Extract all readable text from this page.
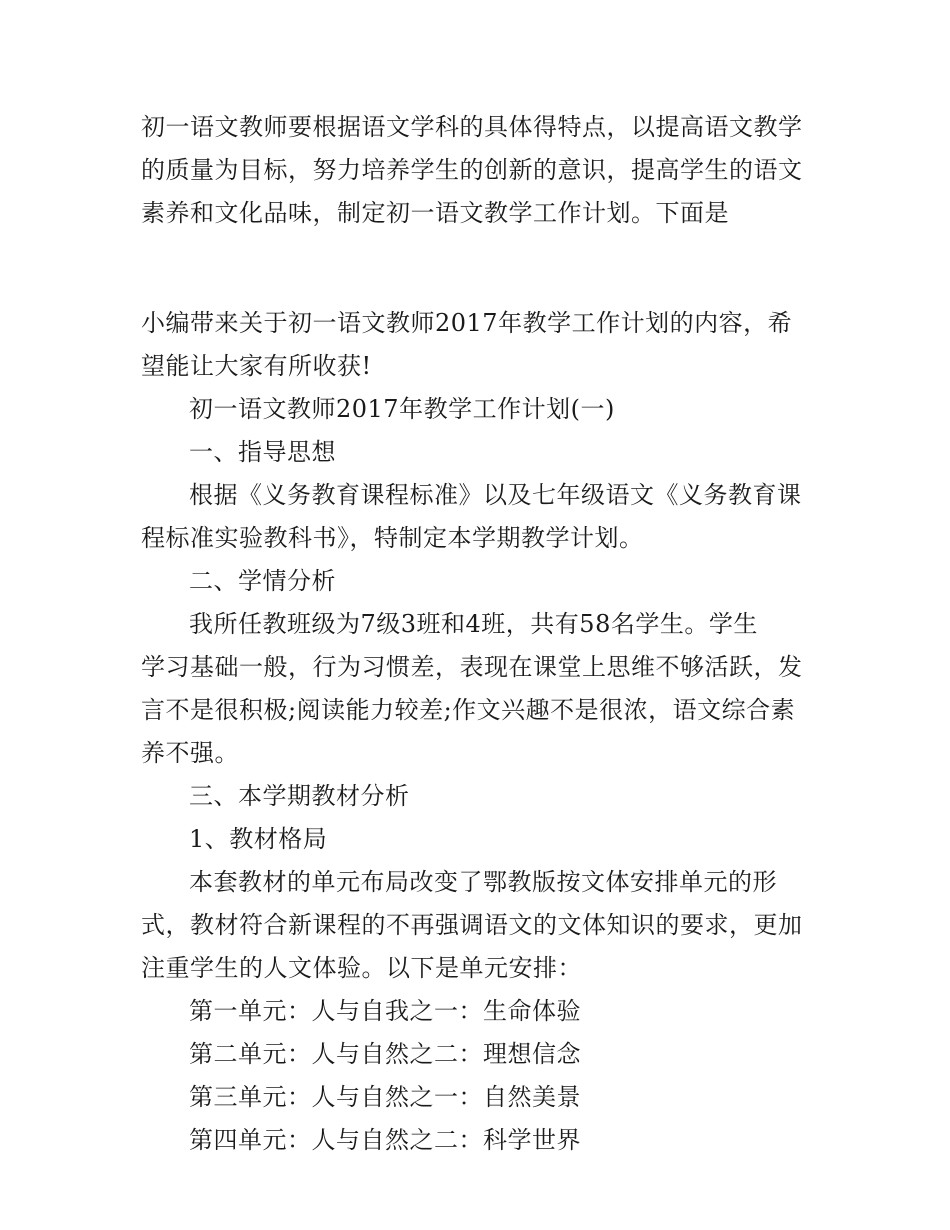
初一语文教师要根据语文学科的具体得特点，以提高语文教学
的质量为目标，努力培养学生的创新的意识，提高学生的语文
素养和文化品味，制定初一语文教学工作计划。下面是
小编带来关于初一语文教师2017年教学工作计划的内容，希
望能让大家有所收获!
初一语文教师2017年教学工作计划(一)
一、指导思想
根据《义务教育课程标准》以及七年级语文《义务教育课
程标准实验教科书》，特制定本学期教学计划。
二、学情分析
我所任教班级为7级3班和4班，共有58名学生。学生
学习基础一般，行为习惯差，表现在课堂上思维不够活跃，发
言不是很积极;阅读能力较差;作文兴趣不是很浓，语文综合素
养不强。
三、本学期教材分析
1、教材格局
本套教材的单元布局改变了鄂教版按文体安排单元的形
式，教材符合新课程的不再强调语文的文体知识的要求，更加
注重学生的人文体验。以下是单元安排：
第一单元：人与自我之一：生命体验
第二单元：人与自然之二：理想信念
第三单元：人与自然之一：自然美景
第四单元：人与自然之二：科学世界
